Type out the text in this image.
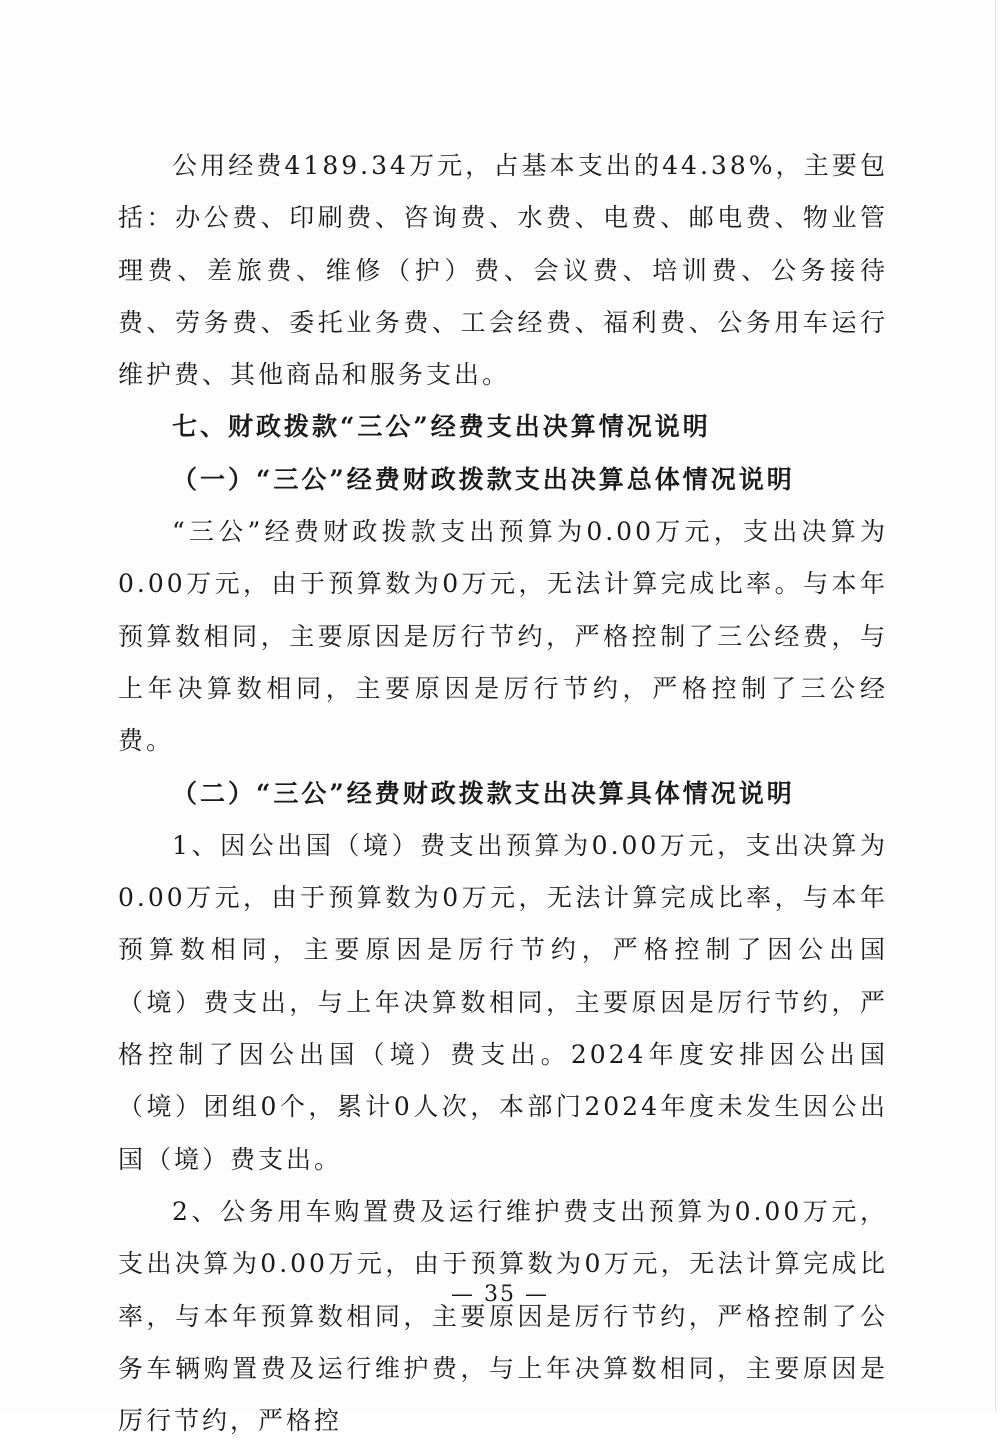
公用经费4189.34万元，占基本支出的44.38%，主要包括：办公费、印刷费、咨询费、水费、电费、邮电费、物业管理费、差旅费、维修（护）费、会议费、培训费、公务接待费、劳务费、委托业务费、工会经费、福利费、公务用车运行维护费、其他商品和服务支出。

七、财政拨款“三公”经费支出决算情况说明

（一）“三公”经费财政拨款支出决算总体情况说明

“三公”经费财政拨款支出预算为0.00万元，支出决算为0.00万元，由于预算数为0万元，无法计算完成比率。与本年预算数相同，主要原因是厉行节约，严格控制了三公经费，与上年决算数相同，主要原因是厉行节约，严格控制了三公经费。

（二）“三公”经费财政拨款支出决算具体情况说明

1、因公出国（境）费支出预算为0.00万元，支出决算为0.00万元，由于预算数为0万元，无法计算完成比率，与本年预算数相同，主要原因是厉行节约，严格控制了因公出国（境）费支出，与上年决算数相同，主要原因是厉行节约，严格控制了因公出国（境）费支出。2024年度安排因公出国（境）团组0个，累计0人次，本部门2024年度未发生因公出国（境）费支出。

2、公务用车购置费及运行维护费支出预算为0.00万元，支出决算为0.00万元，由于预算数为0万元，无法计算完成比率，与本年预算数相同，主要原因是厉行节约，严格控制了公务车辆购置费及运行维护费，与上年决算数相同，主要原因是厉行节约，严格控

— 35 —
